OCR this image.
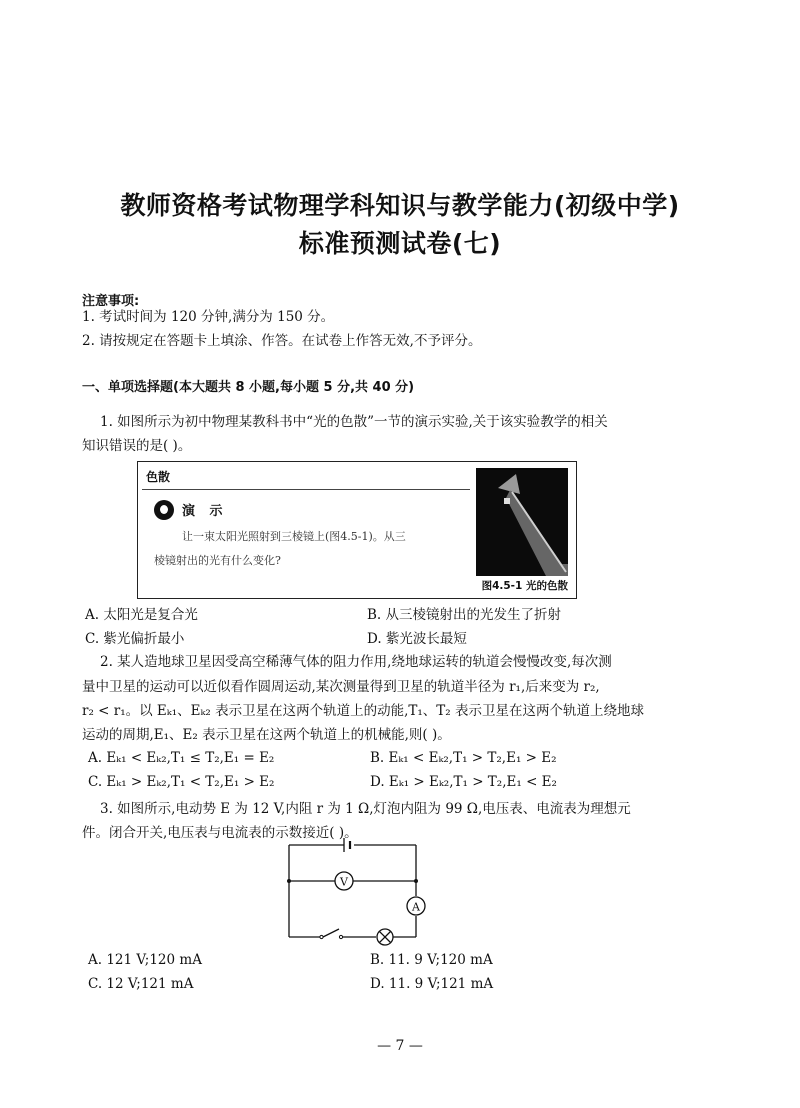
教师资格考试物理学科知识与教学能力(初级中学)
标准预测试卷(七)
注意事项:
1. 考试时间为 120 分钟,满分为 150 分。
2. 请按规定在答题卡上填涂、作答。在试卷上作答无效,不予评分。
一、单项选择题(本大题共 8 小题,每小题 5 分,共 40 分)
1. 如图所示为初中物理某教科书中“光的色散”一节的演示实验,关于该实验教学的相关
知识错误的是( )。
色散
演 示
让一束太阳光照射到三棱镜上(图4.5-1)。从三
棱镜射出的光有什么变化?
图4.5-1 光的色散
A. 太阳光是复合光	B. 从三棱镜射出的光发生了折射
C. 紫光偏折最小	D. 紫光波长最短
2. 某人造地球卫星因受高空稀薄气体的阻力作用,绕地球运转的轨道会慢慢改变,每次测
量中卫星的运动可以近似看作圆周运动,某次测量得到卫星的轨道半径为 r₁,后来变为 r₂,
r₂ < r₁。以 Eₖ₁、Eₖ₂ 表示卫星在这两个轨道上的动能,T₁、T₂ 表示卫星在这两个轨道上绕地球
运动的周期,E₁、E₂ 表示卫星在这两个轨道上的机械能,则( )。
A. Eₖ₁ < Eₖ₂,T₁ ≤ T₂,E₁ = E₂	B. Eₖ₁ < Eₖ₂,T₁ > T₂,E₁ > E₂
C. Eₖ₁ > Eₖ₂,T₁ < T₂,E₁ > E₂	D. Eₖ₁ > Eₖ₂,T₁ > T₂,E₁ < E₂
3. 如图所示,电动势 E 为 12 V,内阻 r 为 1 Ω,灯泡内阻为 99 Ω,电压表、电流表为理想元
件。闭合开关,电压表与电流表的示数接近( )。
V
A
A. 121 V;120 mA	B. 11. 9 V;120 mA
C. 12 V;121 mA	D. 11. 9 V;121 mA
— 7 —
